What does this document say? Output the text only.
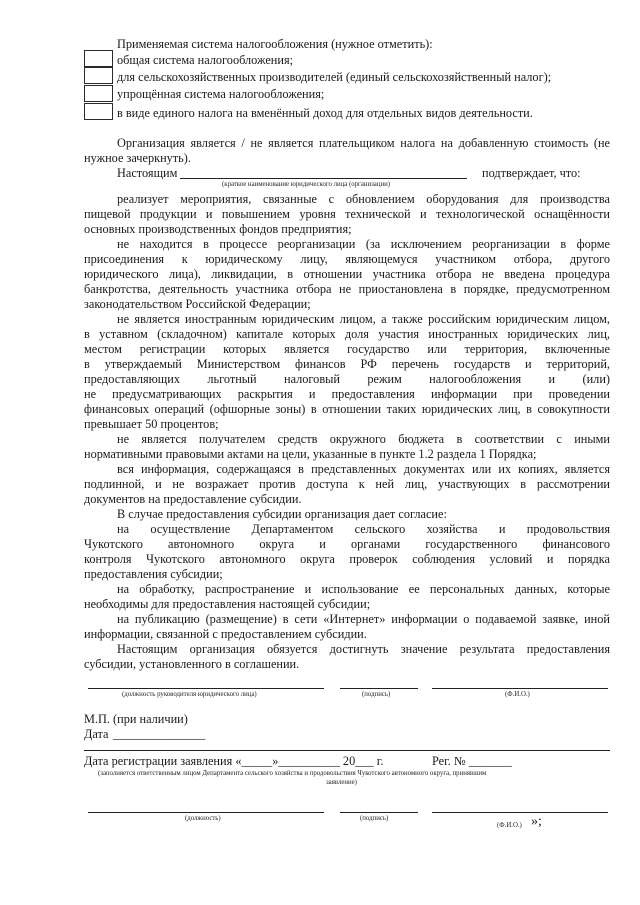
Применяемая система налогообложения (нужное отметить):
общая система налогообложения;
для сельскохозяйственных производителей (единый сельскохозяйственный налог);
упрощённая система налогообложения;
в виде единого налога на вменённый доход для отдельных видов деятельности.
Организация является / не является плательщиком налога на добавленную стоимость (не
нужное зачеркнуть).
Настоящим	подтверждает, что:
(краткое наименование юридического лица (организации)
реализует мероприятия, связанные с обновлением оборудования для производства
пищевой продукции и повышением уровня технической и технологической оснащённости
основных производственных фондов предприятия;
не находится в процессе реорганизации (за исключением реорганизации в форме
присоединения к юридическому лицу, являющемуся участником отбора, другого
юридического лица), ликвидации, в отношении участника отбора не введена процедура
банкротства, деятельность участника отбора не приостановлена в порядке, предусмотренном
законодательством Российской Федерации;
не является иностранным юридическим лицом, а также российским юридическим лицом,
в уставном (складочном) капитале которых доля участия иностранных юридических лиц,
местом регистрации которых является государство или территория, включенные
в утверждаемый Министерством финансов РФ перечень государств и территорий,
предоставляющих льготный налоговый режим налогообложения и (или)
не предусматривающих раскрытия и предоставления информации при проведении
финансовых операций (офшорные зоны) в отношении таких юридических лиц, в совокупности
превышает 50 процентов;
не является получателем средств окружного бюджета в соответствии с иными
нормативными правовыми актами на цели, указанные в пункте 1.2 раздела 1 Порядка;
вся информация, содержащаяся в представленных документах или их копиях, является
подлинной, и не возражает против доступа к ней лиц, участвующих в рассмотрении
документов на предоставление субсидии.
В случае предоставления субсидии организация дает согласие:
на осуществление Департаментом сельского хозяйства и продовольствия
Чукотского автономного округа и органами государственного финансового
контроля Чукотского автономного округа проверок соблюдения условий и порядка
предоставления субсидии;
на обработку, распространение и использование ее персональных данных, которые
необходимы для предоставления настоящей субсидии;
на публикацию (размещение) в сети «Интернет» информации о подаваемой заявке, иной
информации, связанной с предоставлением субсидии.
Настоящим организация обязуется достигнуть значение результата предоставления
субсидии, установленного в соглашении.
(должность руководителя юридического лица)	(подпись)	(Ф.И.О.)
М.П. (при наличии)
Дата _______________
Дата регистрации заявления «_____»__________ 20___ г.	Рег. № _______
(заполняется ответственным лицом Департамента сельского хозяйства и продовольствия Чукотского автономного округа, принявшим
заявление)
(должность)	(подпись)
(Ф.И.О.) »;
